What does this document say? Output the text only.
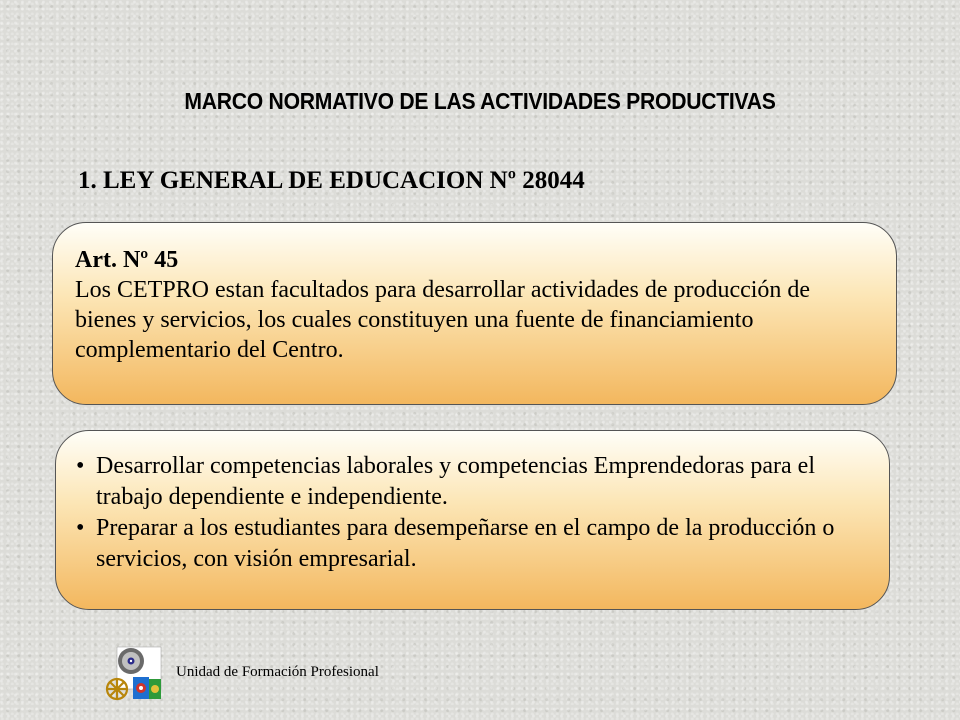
MARCO NORMATIVO DE LAS ACTIVIDADES PRODUCTIVAS
1. LEY GENERAL DE EDUCACION Nº 28044
Art. Nº 45
Los CETPRO estan facultados para desarrollar actividades de producción de bienes y servicios, los cuales constituyen una fuente de financiamiento complementario del Centro.
• Desarrollar competencias laborales y competencias Emprendedoras para el trabajo dependiente e independiente.
• Preparar a los estudiantes para desempeñarse en el campo de la producción o servicios, con visión empresarial.
Unidad de Formación Profesional
